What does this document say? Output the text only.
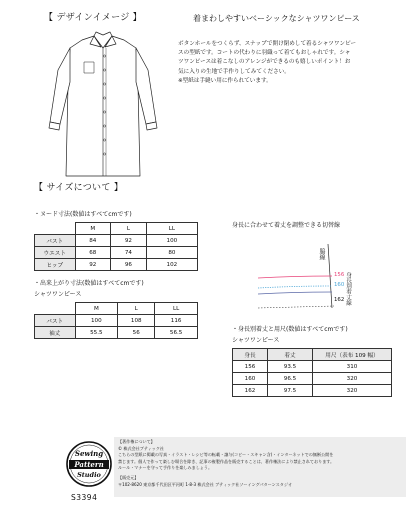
【 デザインイメージ 】	着まわしやすいベーシックなシャツワンピース
ボタンホールをつくらず、スナップで開け閉めして着るシャツワンピー
スの型紙です。コートの代わりに羽織って着てもおしゃれです。シャ
ツワンピースは着こなしのアレンジができるのも嬉しいポイント！お
気に入りの生地で手作りしてみてください。
※型紙は手縫い用に作られています。
【 サイズについて 】
・ヌード寸法(数値はすべてcmです)
	M	L	LL
バスト	84	92	100
ウエスト	68	74	80
ヒップ	92	96	102
・出来上がり寸法(数値はすべてcmです)
シャツワンピース
	M	L	LL
バスト	100	108	116
袖丈	55.5	56	56.5
身長に合わせて着丈を調整できる切替線
脇線
身長別着丈線
156
160
162
・身長別着丈と用尺(数値はすべてcmです)
シャツワンピース
身長	着丈	用尺（表布 109 幅）
156	93.5	310
160	96.5	320
162	97.5	320
Sewing
Pattern
Studio
S3394
【著作権について】
© 株式会社ブティック社
こちらの型紙に掲載の写真・イラスト・レシピ等の転載・譲与(コピー・スキャン含)・インターネットでの無断公開を
禁じます。個人で作って楽しむ場合を除き、記事の複製作品を販売することは、著作権法により禁止されております。
ルール・マナーを守って手作りを楽しみましょう。
【販売元】
〒102-8620 東京都千代田区平河町 1-8-3 株式会社 ブティック社ソーイングパターンスタジオ
